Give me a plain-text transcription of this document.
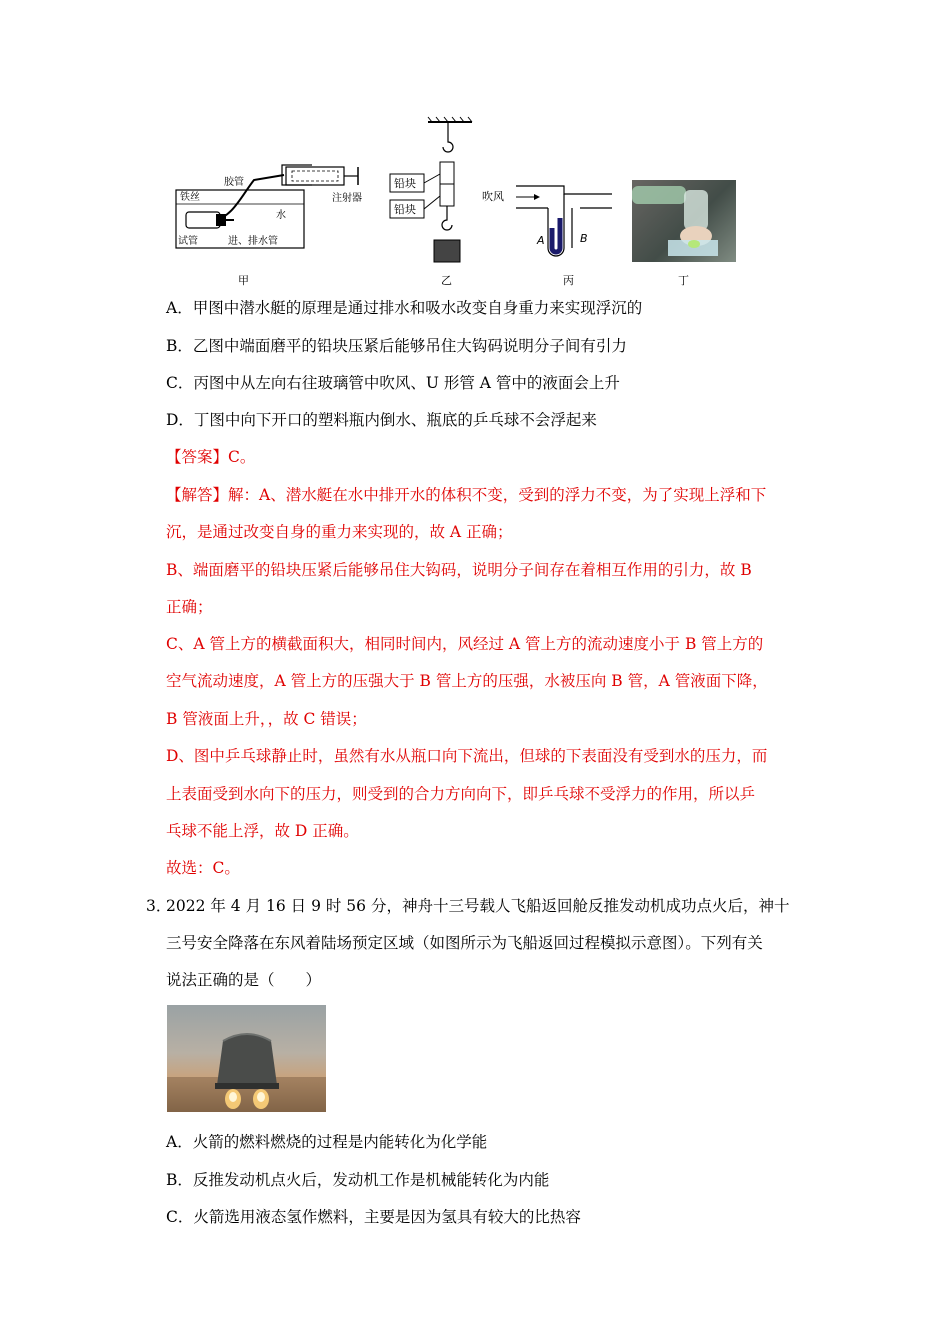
铁丝
胶管
水
试管	进、排水管
注射器
甲
铅块
铅块
乙
吹风
A	B
丙	丁
A．甲图中潜水艇的原理是通过排水和吸水改变自身重力来实现浮沉的
B．乙图中端面磨平的铅块压紧后能够吊住大钩码说明分子间有引力
C．丙图中从左向右往玻璃管中吹风、U 形管 A 管中的液面会上升
D．丁图中向下开口的塑料瓶内倒水、瓶底的乒乓球不会浮起来
【答案】C。
【解答】解：A、潜水艇在水中排开水的体积不变，受到的浮力不变，为了实现上浮和下
沉，是通过改变自身的重力来实现的，故 A 正确；
B、端面磨平的铅块压紧后能够吊住大钩码，说明分子间存在着相互作用的引力，故 B
正确；
C、A 管上方的横截面积大，相同时间内，风经过 A 管上方的流动速度小于 B 管上方的
空气流动速度，A 管上方的压强大于 B 管上方的压强，水被压向 B 管，A 管液面下降，
B 管液面上升，，故 C 错误；
D、图中乒乓球静止时，虽然有水从瓶口向下流出，但球的下表面没有受到水的压力，而
上表面受到水向下的压力，则受到的合力方向向下，即乒乓球不受浮力的作用，所以乒
乓球不能上浮，故 D 正确。
故选：C。
3．
2022 年 4 月 16 日 9 时 56 分，神舟十三号载人飞船返回舱反推发动机成功点火后，神十
三号安全降落在东风着陆场预定区域（如图所示为飞船返回过程模拟示意图）。下列有关
说法正确的是（　　）
A．火箭的燃料燃烧的过程是内能转化为化学能
B．反推发动机点火后，发动机工作是机械能转化为内能
C．火箭选用液态氢作燃料，主要是因为氢具有较大的比热容
